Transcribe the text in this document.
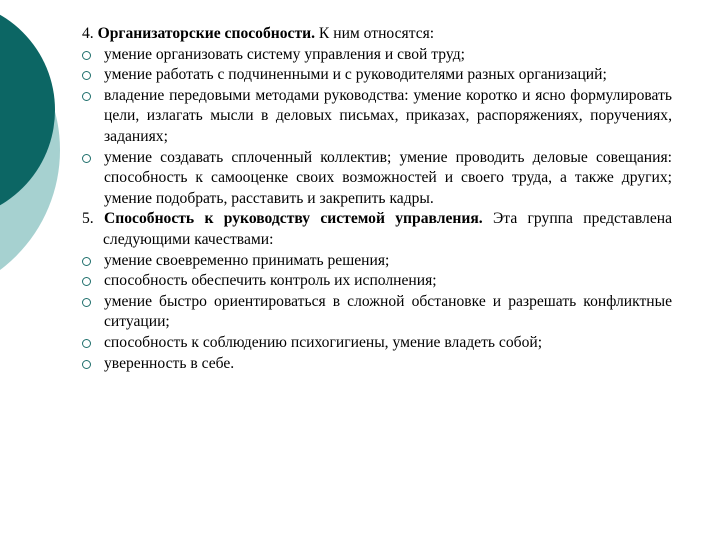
4. Организаторские способности. К ним относятся:

умение организовать систему управления и свой труд;

умение работать с подчиненными и с руководителями разных организаций;

владение передовыми методами руководства: умение коротко и ясно формулировать цели, излагать мысли в деловых письмах, приказах, распоряжениях, поручениях, заданиях;

умение создавать сплоченный коллектив; умение проводить деловые совещания: способность к самооценке своих возможностей и своего труда, а также других; умение подобрать, расставить и закрепить кадры.

5. Способность к руководству системой управления. Эта группа представлена следующими качествами:

умение своевременно принимать решения;

способность обеспечить контроль их исполнения;

умение быстро ориентироваться в сложной обстановке и разрешать конфликтные ситуации;

способность к соблюдению психогигиены, умение владеть собой;

уверенность в себе.
